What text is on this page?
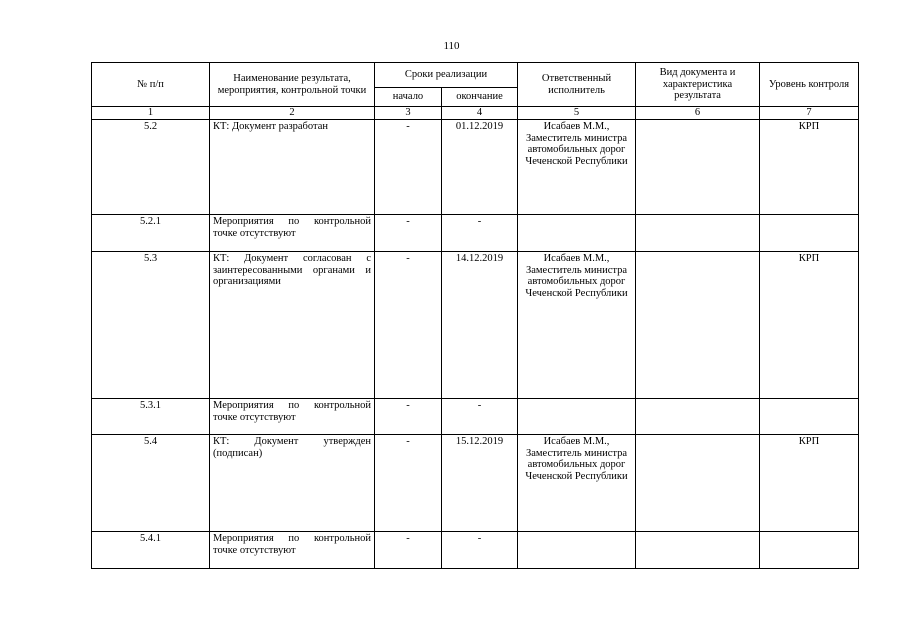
110
№ п/п	Наименование результата, мероприятия, контрольной точки	Сроки реализации		Ответственный исполнитель	Вид документа и характеристика результата	Уровень контроля
		начало	окончание			
1	2	3	4	5	6	7
5.2	КТ: Документ разработан	-	01.12.2019	Исабаев М.М., Заместитель министра автомобильных дорог Чеченской Республики		КРП
5.2.1	Мероприятия по контрольной точке отсутствуют	-	-			
5.3	КТ: Документ согласован с заинтересованными органами и организациями	-	14.12.2019	Исабаев М.М., Заместитель министра автомобильных дорог Чеченской Республики		КРП
5.3.1	Мероприятия по контрольной точке отсутствуют	-	-			
5.4	КТ: Документ утвержден (подписан)	-	15.12.2019	Исабаев М.М., Заместитель министра автомобильных дорог Чеченской Республики		КРП
5.4.1	Мероприятия по контрольной точке отсутствуют	-	-			
